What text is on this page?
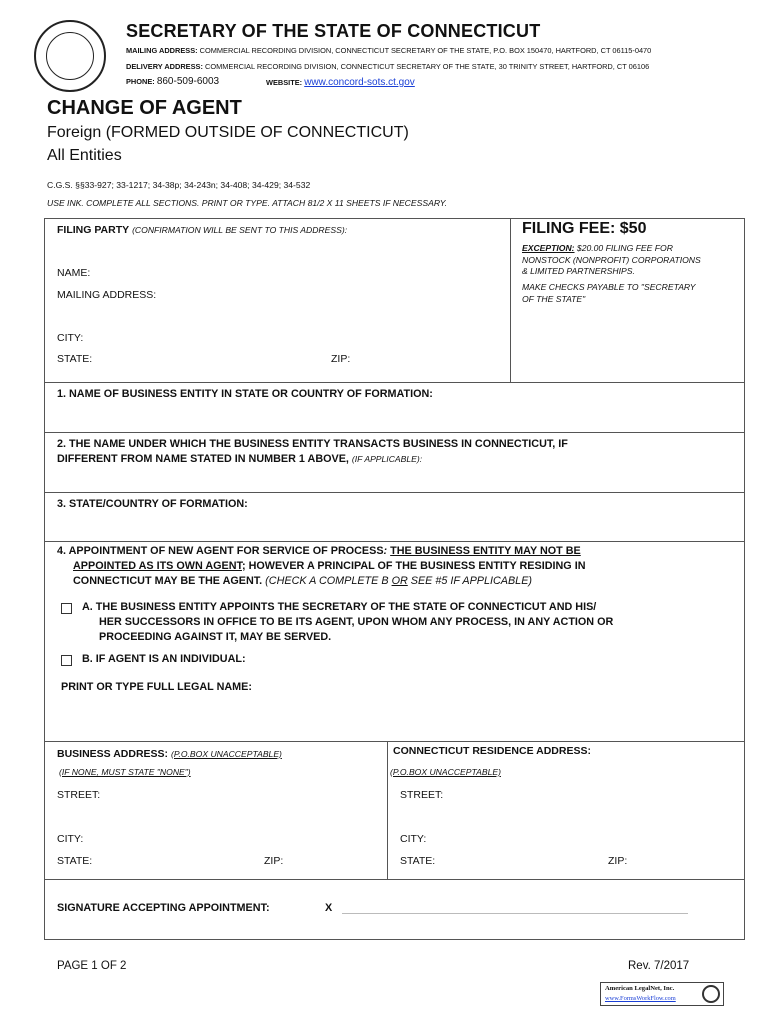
SECRETARY OF THE STATE OF CONNECTICUT
MAILING ADDRESS: COMMERCIAL RECORDING DIVISION, CONNECTICUT SECRETARY OF THE STATE, P.O. BOX 150470, HARTFORD, CT 06115-0470
DELIVERY ADDRESS: COMMERCIAL RECORDING DIVISION, CONNECTICUT SECRETARY OF THE STATE, 30 TRINITY STREET, HARTFORD, CT 06106
PHONE: 860-509-6003	WEBSITE: www.concord-sots.ct.gov
CHANGE OF AGENT
Foreign (FORMED OUTSIDE OF CONNECTICUT)
All Entities
C.G.S. §§33-927; 33-1217; 34-38p; 34-243n; 34-408; 34-429; 34-532
USE INK. COMPLETE ALL SECTIONS. PRINT OR TYPE. ATTACH 81/2 X 11 SHEETS IF NECESSARY.
FILING PARTY (CONFIRMATION WILL BE SENT TO THIS ADDRESS):
NAME:
MAILING ADDRESS:
CITY:
STATE:	ZIP:
FILING FEE: $50
EXCEPTION: $20.00 FILING FEE FOR
NONSTOCK (NONPROFIT) CORPORATIONS
& LIMITED PARTNERSHIPS.
MAKE CHECKS PAYABLE TO "SECRETARY
OF THE STATE"
1. NAME OF BUSINESS ENTITY IN STATE OR COUNTRY OF FORMATION:
2. THE NAME UNDER WHICH THE BUSINESS ENTITY TRANSACTS BUSINESS IN CONNECTICUT, IF
DIFFERENT FROM NAME STATED IN NUMBER 1 ABOVE, (IF APPLICABLE):
3. STATE/COUNTRY OF FORMATION:
4. APPOINTMENT OF NEW AGENT FOR SERVICE OF PROCESS: THE BUSINESS ENTITY MAY NOT BE
APPOINTED AS ITS OWN AGENT; HOWEVER A PRINCIPAL OF THE BUSINESS ENTITY RESIDING IN
CONNECTICUT MAY BE THE AGENT. (CHECK A COMPLETE B OR SEE #5 IF APPLICABLE)
A. THE BUSINESS ENTITY APPOINTS THE SECRETARY OF THE STATE OF CONNECTICUT AND HIS/
HER SUCCESSORS IN OFFICE TO BE ITS AGENT, UPON WHOM ANY PROCESS, IN ANY ACTION OR
PROCEEDING AGAINST IT, MAY BE SERVED.
B. IF AGENT IS AN INDIVIDUAL:
PRINT OR TYPE FULL LEGAL NAME:
BUSINESS ADDRESS: (P.O.BOX UNACCEPTABLE)
(IF NONE, MUST STATE "NONE")
STREET:
CITY:
STATE:	ZIP:
CONNECTICUT RESIDENCE ADDRESS:
(P.O.BOX UNACCEPTABLE)
STREET:
CITY:
STATE:	ZIP:
SIGNATURE ACCEPTING APPOINTMENT:	X
PAGE 1 OF 2	Rev. 7/2017
American LegalNet, Inc.
www.FormsWorkFlow.com
